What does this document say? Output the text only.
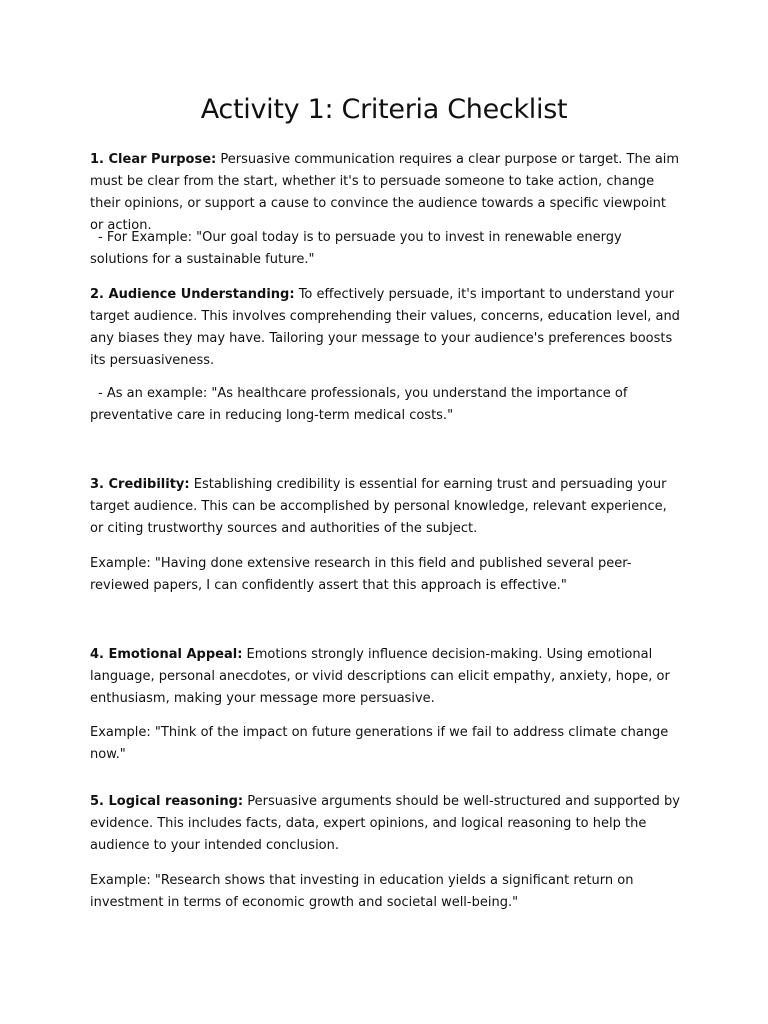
Activity 1: Criteria Checklist

1. Clear Purpose: Persuasive communication requires a clear purpose or target. The aim must be clear from the start, whether it's to persuade someone to take action, change their opinions, or support a cause to convince the audience towards a specific viewpoint or action.

- For Example: "Our goal today is to persuade you to invest in renewable energy solutions for a sustainable future."

2. Audience Understanding: To effectively persuade, it's important to understand your target audience. This involves comprehending their values, concerns, education level, and any biases they may have. Tailoring your message to your audience's preferences boosts its persuasiveness.

- As an example: "As healthcare professionals, you understand the importance of preventative care in reducing long-term medical costs."

3. Credibility: Establishing credibility is essential for earning trust and persuading your target audience. This can be accomplished by personal knowledge, relevant experience, or citing trustworthy sources and authorities of the subject.

Example: "Having done extensive research in this field and published several peer-reviewed papers, I can confidently assert that this approach is effective."

4. Emotional Appeal: Emotions strongly influence decision-making. Using emotional language, personal anecdotes, or vivid descriptions can elicit empathy, anxiety, hope, or enthusiasm, making your message more persuasive.

Example: "Think of the impact on future generations if we fail to address climate change now."

5. Logical reasoning: Persuasive arguments should be well-structured and supported by evidence. This includes facts, data, expert opinions, and logical reasoning to help the audience to your intended conclusion.

Example: "Research shows that investing in education yields a significant return on investment in terms of economic growth and societal well-being."
